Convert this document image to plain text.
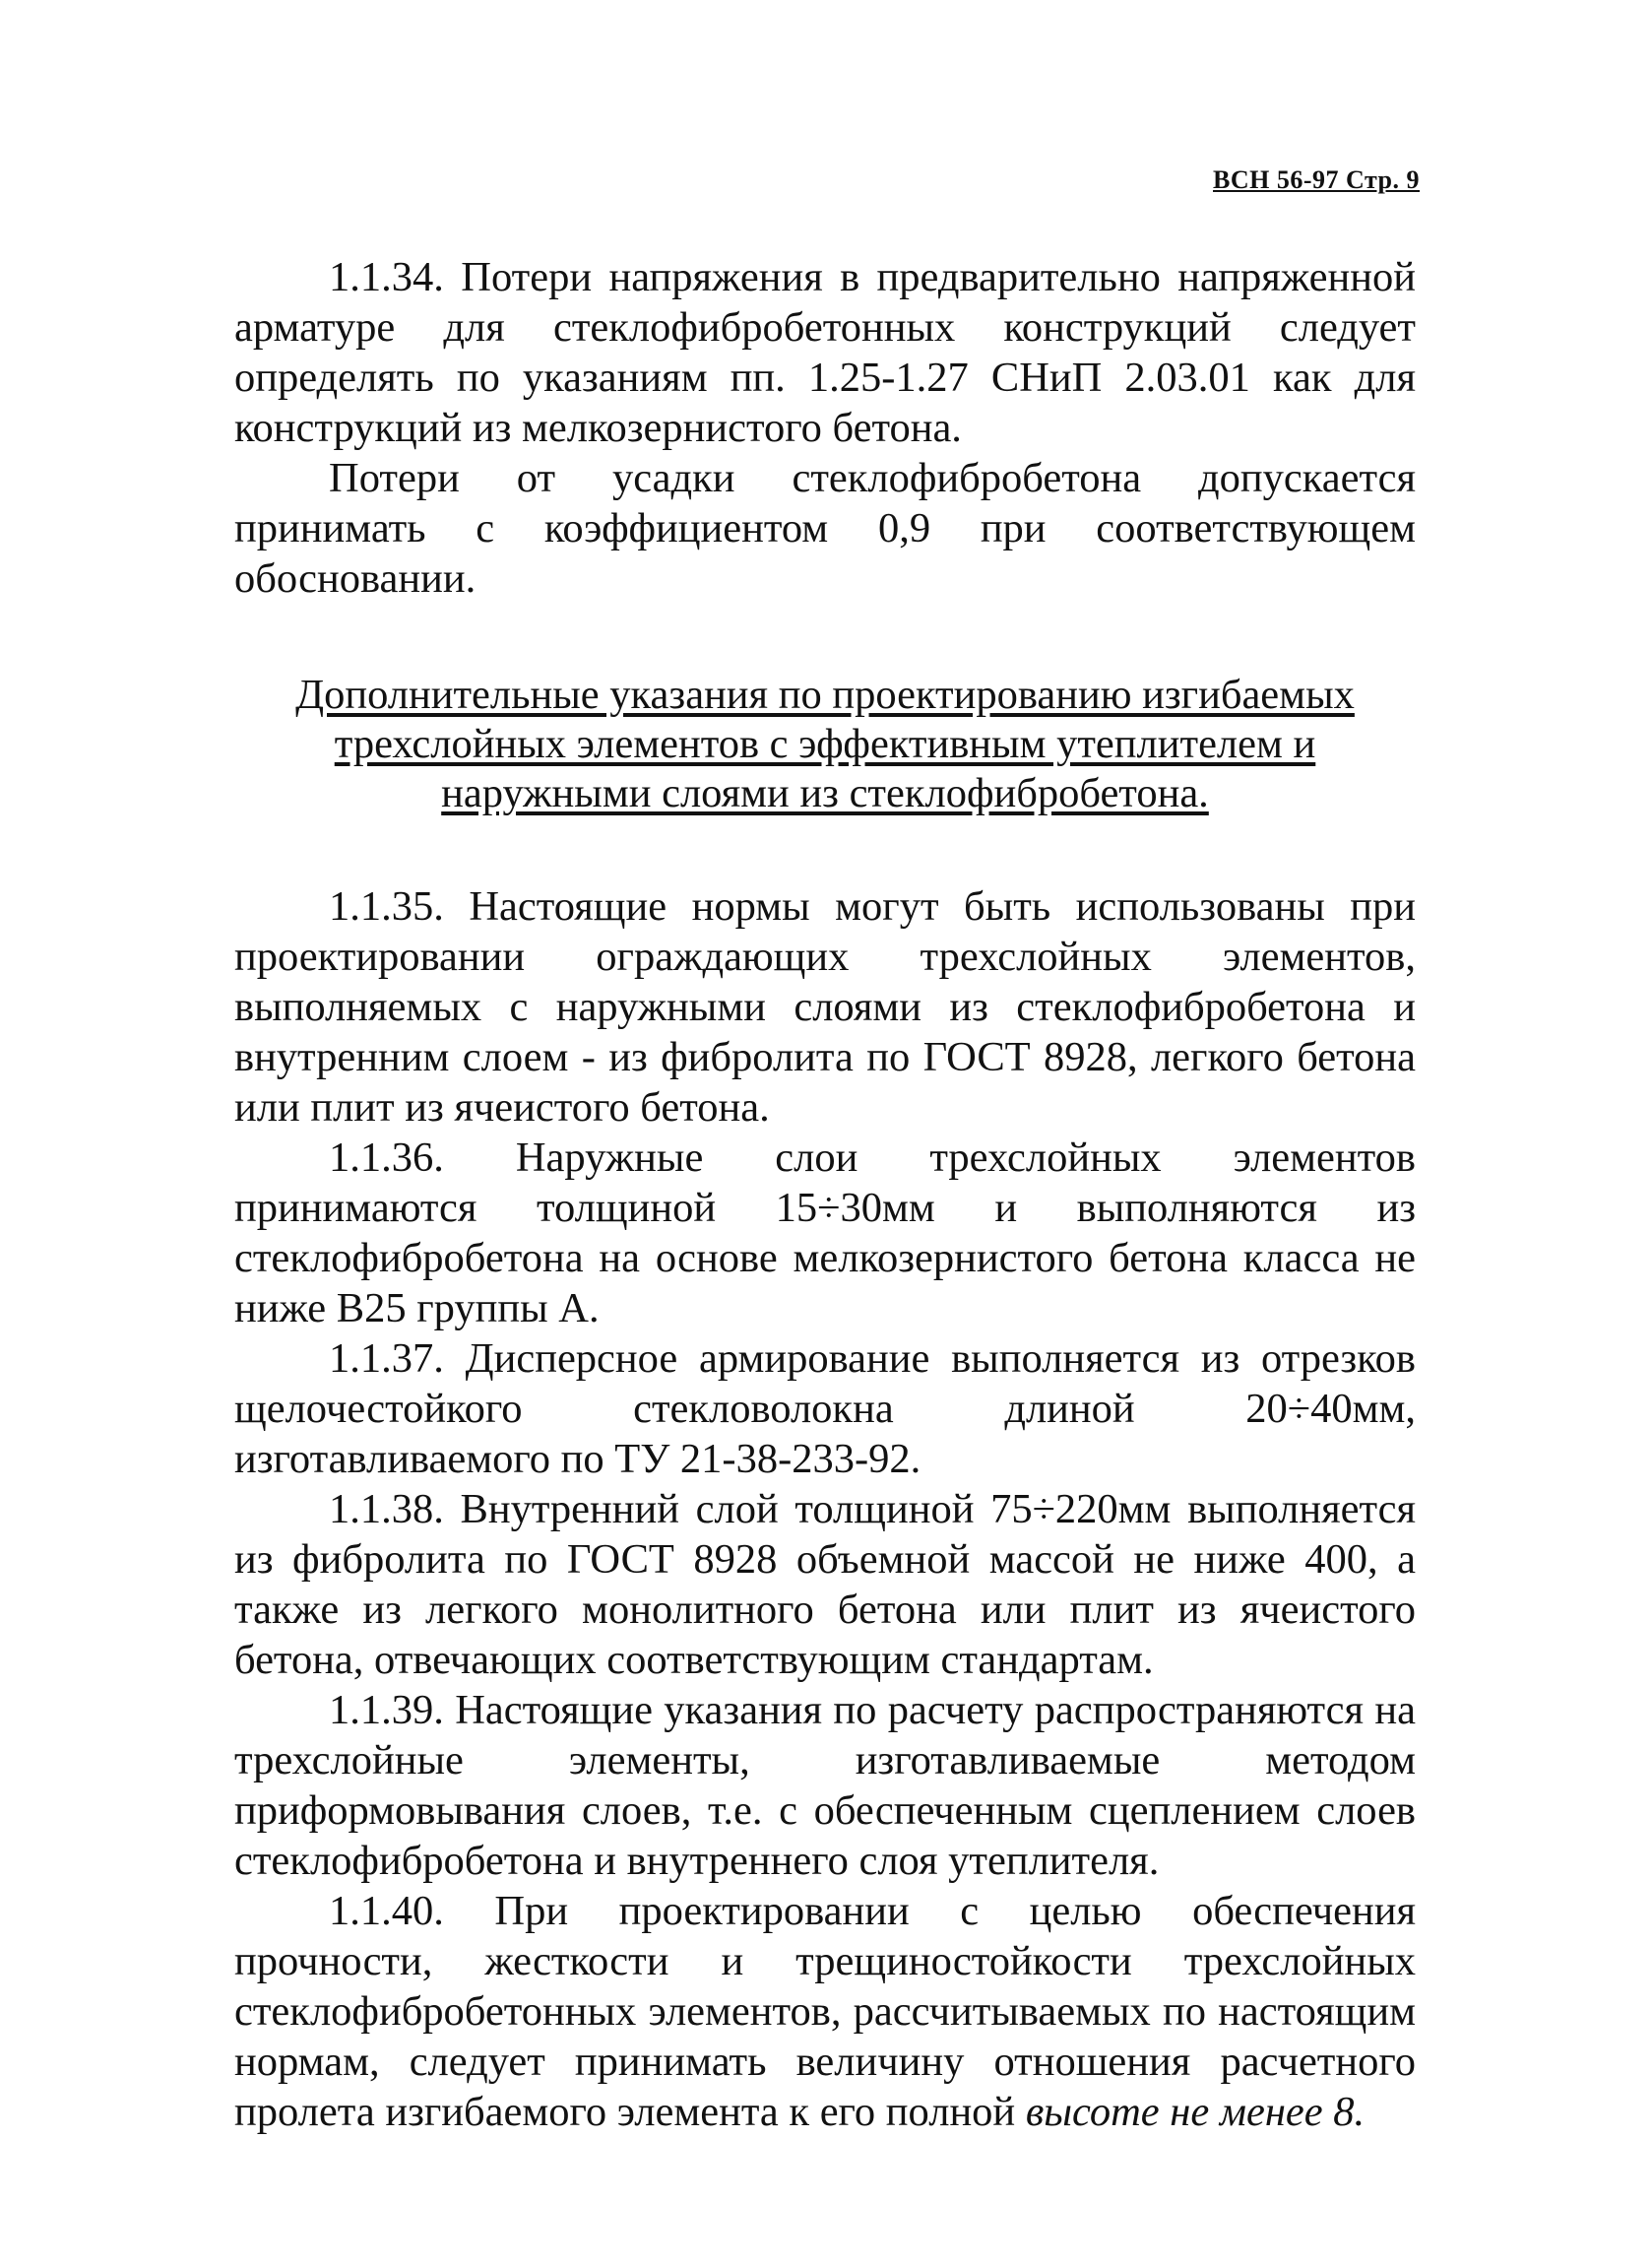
ВСН 56-97 Стр. 9

1.1.34. Потери напряжения в предварительно напряженной арматуре для стеклофибробетонных конструкций следует определять по указаниям пп. 1.25-1.27 СНиП 2.03.01 как для конструкций из мелкозернистого бетона.

Потери от усадки стеклофибробетона допускается принимать с коэффициентом 0,9 при соответствующем обосновании.

Дополнительные указания по проектированию изгибаемых
трехслойных элементов с эффективным утеплителем и
наружными слоями из стеклофибробетона.

1.1.35. Настоящие нормы могут быть использованы при проектировании ограждающих трехслойных элементов, выполняемых с наружными слоями из стеклофибробетона и внутренним слоем - из фибролита по ГОСТ 8928, легкого бетона или плит из ячеистого бетона.

1.1.36. Наружные слои трехслойных элементов принимаются толщиной 15÷30мм и выполняются из стеклофибробетона на основе мелкозернистого бетона класса не ниже В25 группы А.

1.1.37. Дисперсное армирование выполняется из отрезков щелочестойкого стекловолокна длиной 20÷40мм, изготавливаемого по ТУ 21-38-233-92.

1.1.38. Внутренний слой толщиной 75÷220мм выполняется из фибролита по ГОСТ 8928 объемной массой не ниже 400, а также из легкого монолитного бетона или плит из ячеистого бетона, отвечающих соответствующим стандартам.

1.1.39. Настоящие указания по расчету распространяются на трехслойные элементы, изготавливаемые методом приформовывания слоев, т.е. с обеспеченным сцеплением слоев стеклофибробетона и внутреннего слоя утеплителя.

1.1.40. При проектировании с целью обеспечения прочности, жесткости и трещиностойкости трехслойных стеклофибробетонных элементов, рассчитываемых по настоящим нормам, следует принимать величину отношения расчетного пролета изгибаемого элемента к его полной высоте не менее 8.
